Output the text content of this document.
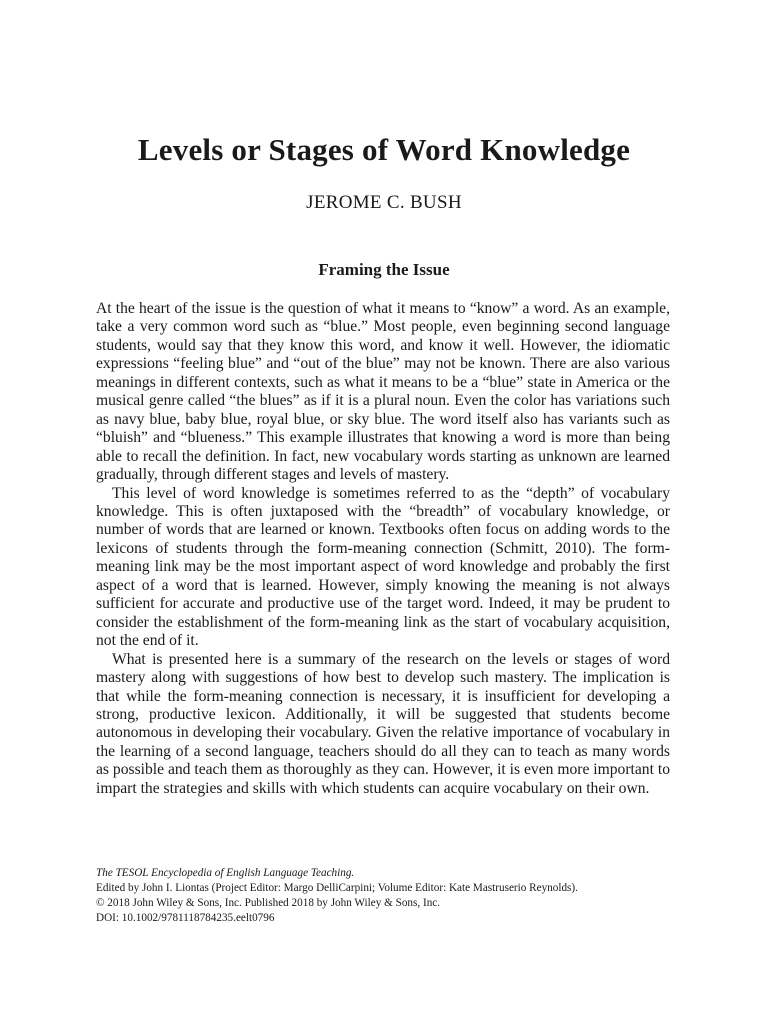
Levels or Stages of Word Knowledge
JEROME C. BUSH
Framing the Issue

At the heart of the issue is the question of what it means to “know” a word. As an example, take a very common word such as “blue.” Most people, even beginning second language students, would say that they know this word, and know it well. However, the idiomatic expressions “feeling blue” and “out of the blue” may not be known. There are also various meanings in different contexts, such as what it means to be a “blue” state in America or the musical genre called “the blues” as if it is a plural noun. Even the color has variations such as navy blue, baby blue, royal blue, or sky blue. The word itself also has variants such as “bluish” and “blueness.” This example illustrates that knowing a word is more than being able to recall the definition. In fact, new vocabulary words starting as unknown are learned gradually, through different stages and levels of mastery.

This level of word knowledge is sometimes referred to as the “depth” of vocabulary knowledge. This is often juxtaposed with the “breadth” of vocabulary knowledge, or number of words that are learned or known. Textbooks often focus on adding words to the lexicons of students through the form-meaning connection (Schmitt, 2010). The form-meaning link may be the most important aspect of word knowledge and probably the first aspect of a word that is learned. However, simply knowing the meaning is not always sufficient for accurate and productive use of the target word. Indeed, it may be prudent to consider the establishment of the form-meaning link as the start of vocabulary acquisition, not the end of it.

What is presented here is a summary of the research on the levels or stages of word mastery along with suggestions of how best to develop such mastery. The implication is that while the form-meaning connection is necessary, it is insufficient for developing a strong, productive lexicon. Additionally, it will be suggested that students become autonomous in developing their vocabulary. Given the relative importance of vocabulary in the learning of a second language, teachers should do all they can to teach as many words as possible and teach them as thoroughly as they can. However, it is even more important to impart the strategies and skills with which students can acquire vocabulary on their own.

The TESOL Encyclopedia of English Language Teaching.
Edited by John I. Liontas (Project Editor: Margo DelliCarpini; Volume Editor: Kate Mastruserio Reynolds).
© 2018 John Wiley & Sons, Inc. Published 2018 by John Wiley & Sons, Inc.
DOI: 10.1002/9781118784235.eelt0796
